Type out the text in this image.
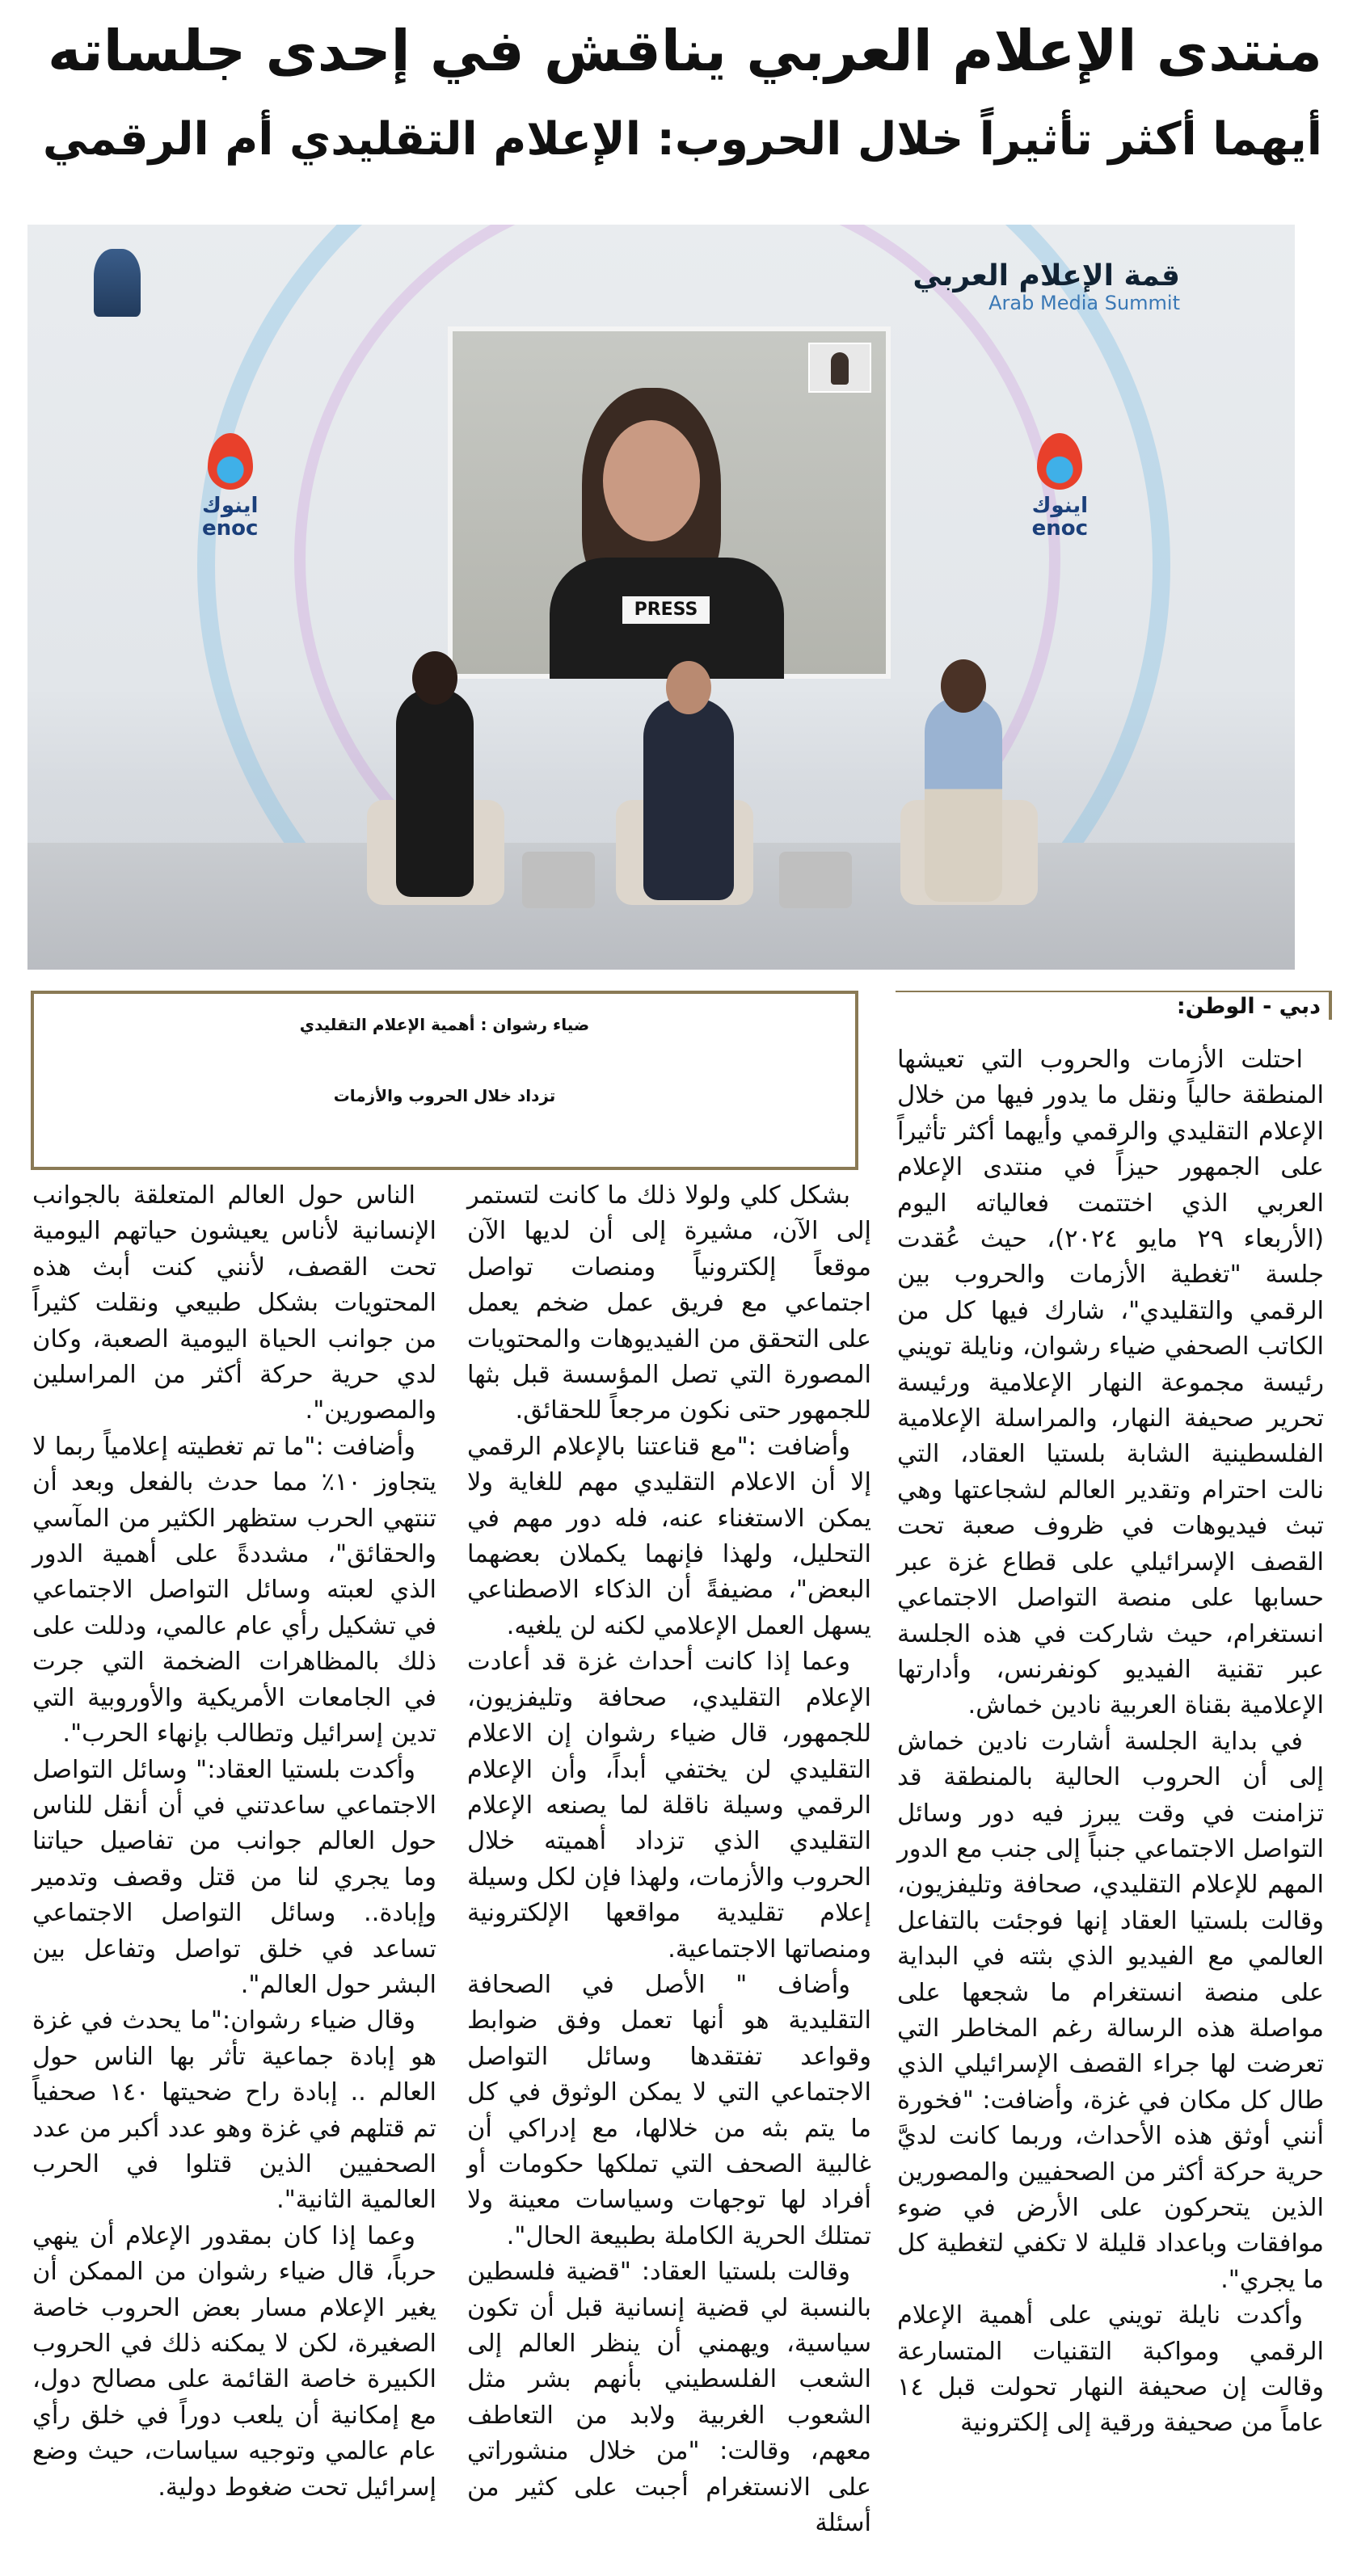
منتدى الإعلام العربي يناقش في إحدى جلساته
أيهما أكثر تأثيراً خلال الحروب: الإعلام التقليدي أم الرقمي
قمة الإعلام العربي
Arab Media Summit
اينوك
enoc
اينوك
enoc
PRESS
ضياء رشوان : أهمية الإعلام التقليدي
تزداد خلال الحروب والأزمات
دبي - الوطن:

احتلت الأزمات والحروب التي تعيشها المنطقة حالياً ونقل ما يدور فيها من خلال الإعلام التقليدي والرقمي وأيهما أكثر تأثيراً على الجمهور حيزاً في منتدى الإعلام العربي الذي اختتمت فعالياته اليوم (الأربعاء ٢٩ مايو ٢٠٢٤)، حيث عُقدت جلسة "تغطية الأزمات والحروب بين الرقمي والتقليدي"، شارك فيها كل من الكاتب الصحفي ضياء رشوان، ونايلة تويني رئيسة مجموعة النهار الإعلامية ورئيسة تحرير صحيفة النهار، والمراسلة الإعلامية الفلسطينية الشابة بلستيا العقاد، التي نالت احترام وتقدير العالم لشجاعتها وهي تبث فيديوهات في ظروف صعبة تحت القصف الإسرائيلي على قطاع غزة عبر حسابها على منصة التواصل الاجتماعي انستغرام، حيث شاركت في هذه الجلسة عبر تقنية الفيديو كونفرنس، وأدارتها الإعلامية بقناة العربية نادين خماش.

في بداية الجلسة أشارت نادين خماش إلى أن الحروب الحالية بالمنطقة قد تزامنت في وقت يبرز فيه دور وسائل التواصل الاجتماعي جنباً إلى جنب مع الدور المهم للإعلام التقليدي، صحافة وتليفزيون، وقالت بلستيا العقاد إنها فوجئت بالتفاعل العالمي مع الفيديو الذي بثته في البداية على منصة انستغرام ما شجعها على مواصلة هذه الرسالة رغم المخاطر التي تعرضت لها جراء القصف الإسرائيلي الذي طال كل مكان في غزة، وأضافت: "فخورة أنني أوثق هذه الأحداث، وربما كانت لديَّ حرية حركة أكثر من الصحفيين والمصورين الذين يتحركون على الأرض في ضوء موافقات وباعداد قليلة لا تكفي لتغطية كل ما يجري".

وأكدت نايلة تويني على أهمية الإعلام الرقمي ومواكبة التقنيات المتسارعة وقالت إن صحيفة النهار تحولت قبل ١٤ عاماً من صحيفة ورقية إلى إلكترونية

بشكل كلي ولولا ذلك ما كانت لتستمر إلى الآن، مشيرة إلى أن لديها الآن موقعاً إلكترونياً ومنصات تواصل اجتماعي مع فريق عمل ضخم يعمل على التحقق من الفيديوهات والمحتويات المصورة التي تصل المؤسسة قبل بثها للجمهور حتى نكون مرجعاً للحقائق.

وأضافت :"مع قناعتنا بالإعلام الرقمي إلا أن الاعلام التقليدي مهم للغاية ولا يمكن الاستغناء عنه، فله دور مهم في التحليل، ولهذا فإنهما يكملان بعضهما البعض"، مضيفةً أن الذكاء الاصطناعي يسهل العمل الإعلامي لكنه لن يلغيه.

وعما إذا كانت أحداث غزة قد أعادت الإعلام التقليدي، صحافة وتليفزيون، للجمهور، قال ضياء رشوان إن الاعلام التقليدي لن يختفي أبداً، وأن الإعلام الرقمي وسيلة ناقلة لما يصنعه الإعلام التقليدي الذي تزداد أهميته خلال الحروب والأزمات، ولهذا فإن لكل وسيلة إعلام تقليدية مواقعها الإلكترونية ومنصاتها الاجتماعية.

وأضاف " الأصل في الصحافة التقليدية هو أنها تعمل وفق ضوابط وقواعد تفتقدها وسائل التواصل الاجتماعي التي لا يمكن الوثوق في كل ما يتم بثه من خلالها، مع إدراكي أن غالبية الصحف التي تملكها حكومات أو أفراد لها توجهات وسياسات معينة ولا تمتلك الحرية الكاملة بطبيعة الحال".

وقالت بلستيا العقاد: "قضية فلسطين بالنسبة لي قضية إنسانية قبل أن تكون سياسية، ويهمني أن ينظر العالم إلى الشعب الفلسطيني بأنهم بشر مثل الشعوب الغربية ولابد من التعاطف معهم، وقالت: "من خلال منشوراتي على الانستغرام أجبت على كثير من أسئلة

الناس حول العالم المتعلقة بالجوانب الإنسانية لأناس يعيشون حياتهم اليومية تحت القصف، لأنني كنت أبث هذه المحتويات بشكل طبيعي ونقلت كثيراً من جوانب الحياة اليومية الصعبة، وكان لدي حرية حركة أكثر من المراسلين والمصورين".

وأضافت :"ما تم تغطيته إعلامياً ربما لا يتجاوز ١٠٪ مما حدث بالفعل وبعد أن تنتهي الحرب ستظهر الكثير من المآسي والحقائق"، مشددةً على أهمية الدور الذي لعبته وسائل التواصل الاجتماعي في تشكيل رأي عام عالمي، ودللت على ذلك بالمظاهرات الضخمة التي جرت في الجامعات الأمريكية والأوروبية التي تدين إسرائيل وتطالب بإنهاء الحرب".

وأكدت بلستيا العقاد:" وسائل التواصل الاجتماعي ساعدتني في أن أنقل للناس حول العالم جوانب من تفاصيل حياتنا وما يجري لنا من قتل وقصف وتدمير وإبادة.. وسائل التواصل الاجتماعي تساعد في خلق تواصل وتفاعل بين البشر حول العالم".

وقال ضياء رشوان:"ما يحدث في غزة هو إبادة جماعية تأثر بها الناس حول العالم .. إبادة راح ضحيتها ١٤٠ صحفياً تم قتلهم في غزة وهو عدد أكبر من عدد الصحفيين الذين قتلوا في الحرب العالمية الثانية".

وعما إذا كان بمقدور الإعلام أن ينهي حرباً، قال ضياء رشوان من الممكن أن يغير الإعلام مسار بعض الحروب خاصة الصغيرة، لكن لا يمكنه ذلك في الحروب الكبيرة خاصة القائمة على مصالح دول، مع إمكانية أن يلعب دوراً في خلق رأي عام عالمي وتوجيه سياسات، حيث وضع إسرائيل تحت ضغوط دولية.
